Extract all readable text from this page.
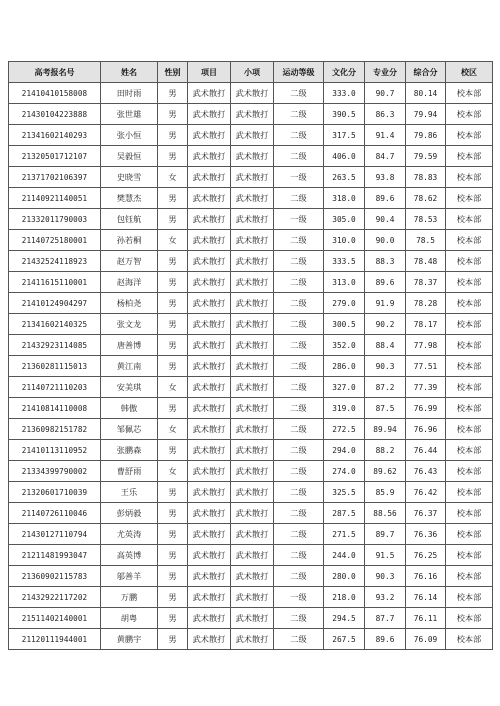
高考报名号	姓名	性别	项目	小项	运动等级	文化分	专业分	综合分	校区
21410410158008	田时雨	男	武术散打	武术散打	二级	333.0	90.7	80.14	校本部
21430104223888	张世雄	男	武术散打	武术散打	二级	390.5	86.3	79.94	校本部
21341602140293	张小恒	男	武术散打	武术散打	二级	317.5	91.4	79.86	校本部
21320501712107	吴毅恒	男	武术散打	武术散打	二级	406.0	84.7	79.59	校本部
21371702106397	史晓雪	女	武术散打	武术散打	一级	263.5	93.8	78.83	校本部
21140921140051	樊慧杰	男	武术散打	武术散打	二级	318.0	89.6	78.62	校本部
21332011790003	包钰航	男	武术散打	武术散打	一级	305.0	90.4	78.53	校本部
21140725180001	孙若桐	女	武术散打	武术散打	二级	310.0	90.0	78.5	校本部
21432524118923	赵万智	男	武术散打	武术散打	二级	333.5	88.3	78.48	校本部
21411615110001	赵海洋	男	武术散打	武术散打	二级	313.0	89.6	78.37	校本部
21410124904297	杨柏尧	男	武术散打	武术散打	二级	279.0	91.9	78.28	校本部
21341602140325	张文龙	男	武术散打	武术散打	二级	300.5	90.2	78.17	校本部
21432923114085	唐善博	男	武术散打	武术散打	二级	352.0	88.4	77.98	校本部
21360281115013	黄江南	男	武术散打	武术散打	二级	286.0	90.3	77.51	校本部
21140721110203	安美琪	女	武术散打	武术散打	二级	327.0	87.2	77.39	校本部
21410814110008	韩傲	男	武术散打	武术散打	二级	319.0	87.5	76.99	校本部
21360982151782	邹佩芯	女	武术散打	武术散打	二级	272.5	89.94	76.96	校本部
21410113110952	张鹏森	男	武术散打	武术散打	二级	294.0	88.2	76.44	校本部
21334399790002	曹舒雨	女	武术散打	武术散打	二级	274.0	89.62	76.43	校本部
21320601710039	王乐	男	武术散打	武术散打	二级	325.5	85.9	76.42	校本部
21140726110046	彭炳毅	男	武术散打	武术散打	二级	287.5	88.56	76.37	校本部
21430127110794	尤英涛	男	武术散打	武术散打	二级	271.5	89.7	76.36	校本部
21211481993047	高英博	男	武术散打	武术散打	二级	244.0	91.5	76.25	校本部
21360902115783	邬善羊	男	武术散打	武术散打	二级	280.0	90.3	76.16	校本部
21432922117202	万鹏	男	武术散打	武术散打	一级	218.0	93.2	76.14	校本部
21511402140001	胡粤	男	武术散打	武术散打	二级	294.5	87.7	76.11	校本部
21120111944001	黄鹏宇	男	武术散打	武术散打	二级	267.5	89.6	76.09	校本部
